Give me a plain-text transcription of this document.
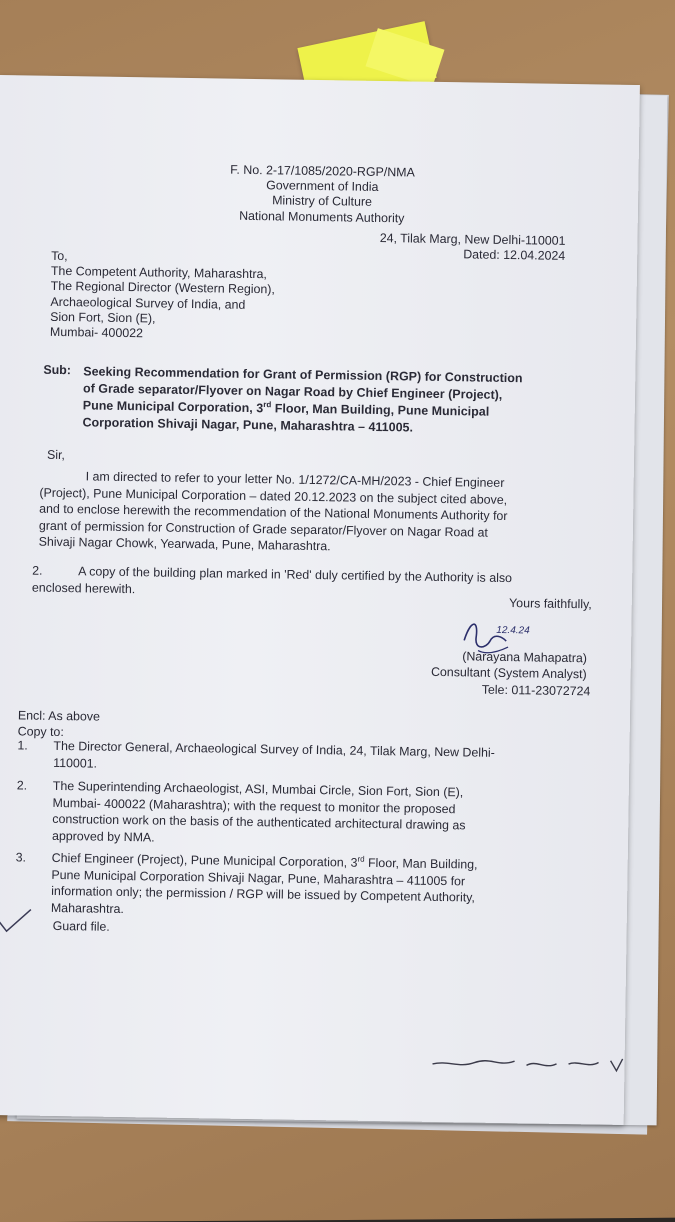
F. No. 2-17/1085/2020-RGP/NMA
Government of India
Ministry of Culture
National Monuments Authority
24, Tilak Marg, New Delhi-110001
Dated: 12.04.2024
To,
The Competent Authority, Maharashtra,
The Regional Director (Western Region),
Archaeological Survey of India, and
Sion Fort, Sion (E),
Mumbai- 400022
Sub: Seeking Recommendation for Grant of Permission (RGP) for Construction
of Grade separator/Flyover on Nagar Road by Chief Engineer (Project),
Pune Municipal Corporation, 3rd Floor, Man Building, Pune Municipal
Corporation Shivaji Nagar, Pune, Maharashtra – 411005.
Sir,
I am directed to refer to your letter No. 1/1272/CA-MH/2023 - Chief Engineer
(Project), Pune Municipal Corporation – dated 20.12.2023 on the subject cited above,
and to enclose herewith the recommendation of the National Monuments Authority for
grant of permission for Construction of Grade separator/Flyover on Nagar Road at
Shivaji Nagar Chowk, Yearwada, Pune, Maharashtra.
2.	A copy of the building plan marked in 'Red' duly certified by the Authority is also
enclosed herewith.
Yours faithfully,
12.4.24
(Narayana Mahapatra)
Consultant (System Analyst)
Tele: 011-23072724
Encl: As above
Copy to:
1. The Director General, Archaeological Survey of India, 24, Tilak Marg, New Delhi-
110001.
2. The Superintending Archaeologist, ASI, Mumbai Circle, Sion Fort, Sion (E),
Mumbai- 400022 (Maharashtra); with the request to monitor the proposed
construction work on the basis of the authenticated architectural drawing as
approved by NMA.
3. Chief Engineer (Project), Pune Municipal Corporation, 3rd Floor, Man Building,
Pune Municipal Corporation Shivaji Nagar, Pune, Maharashtra – 411005 for
information only; the permission / RGP will be issued by Competent Authority,
Maharashtra.
Guard file.
